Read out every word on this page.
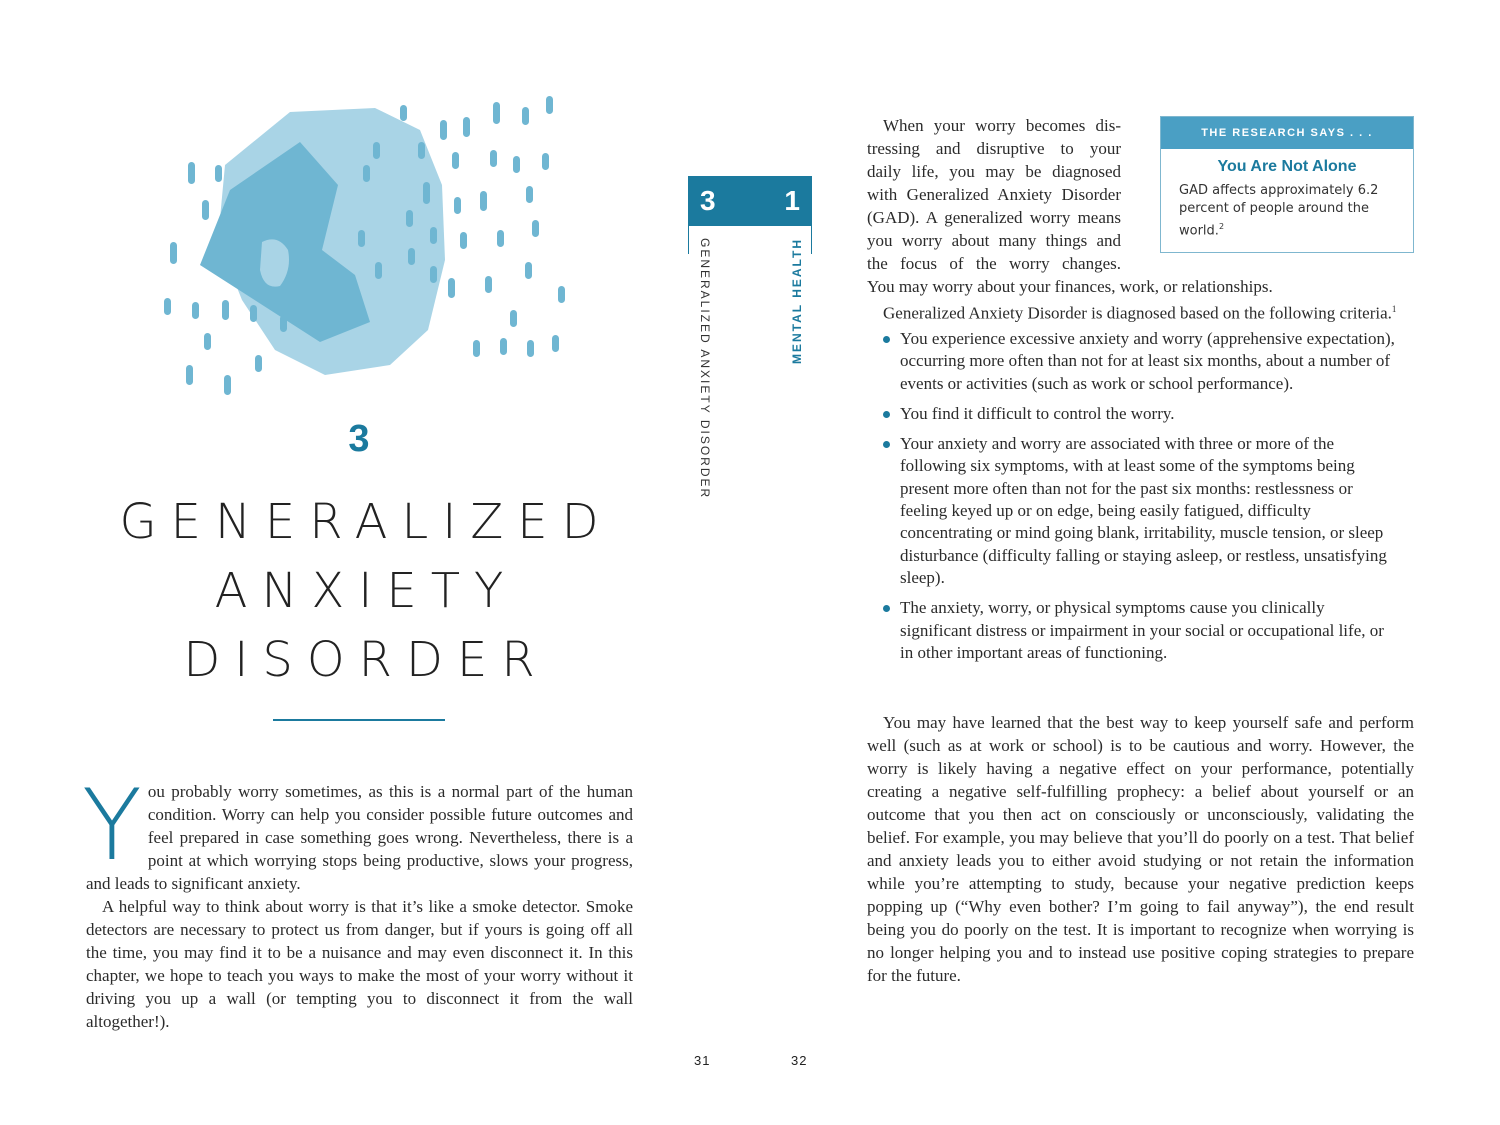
3
GENERALIZED
ANXIETY
DISORDER
Y ou probably worry sometimes, as this is a normal part of the human condition. Worry can help you consider possible future outcomes and feel prepared in case something goes wrong. Nevertheless, there is a point at which worrying stops being productive, slows your progress, and leads to significant anxiety.

A helpful way to think about worry is that it’s like a smoke detector. Smoke detectors are necessary to protect us from danger, but if yours is going off all the time, you may find it to be a nuisance and may even disconnect it. In this chapter, we hope to teach you ways to make the most of your worry without it driving you up a wall (or tempting you to disconnect it from the wall altogether!).

3
GENERALIZED ANXIETY DISORDER
31
1
MENTAL HEALTH
When your worry becomes dis-
tressing and disruptive to your
daily life, you may be diagnosed
with Generalized Anxiety Disorder
(GAD). A generalized worry means
you worry about many things and
the focus of the worry changes.
THE RESEARCH SAYS . . .
You Are Not Alone
GAD affects approximately 6.2 percent of people around the world.$^2$
You may worry about your finances, work, or relationships.
Generalized Anxiety Disorder is diagnosed based on the following criteria.$^1$
You experience excessive anxiety and worry (apprehensive expectation), occurring more often than not for at least six months, about a number of events or activities (such as work or school performance).
You find it difficult to control the worry.
Your anxiety and worry are associated with three or more of the following six symptoms, with at least some of the symptoms being present more often than not for the past six months: restlessness or feeling keyed up or on edge, being easily fatigued, difficulty concentrating or mind going blank, irritability, muscle tension, or sleep disturbance (difficulty falling or staying asleep, or restless, unsatisfying sleep).
The anxiety, worry, or physical symptoms cause you clinically significant distress or impairment in your social or occupational life, or in other important areas of functioning.

You may have learned that the best way to keep yourself safe and perform well (such as at work or school) is to be cautious and worry. However, the worry is likely having a negative effect on your performance, potentially creating a negative self-fulfilling prophecy: a belief about yourself or an outcome that you then act on consciously or unconsciously, validating the belief. For example, you may believe that you’ll do poorly on a test. That belief and anxiety leads you to either avoid studying or not retain the information while you’re attempting to study, because your negative prediction keeps popping up (“Why even bother? I’m going to fail anyway”), the end result being you do poorly on the test. It is important to recognize when worrying is no longer helping you and to instead use positive coping strategies to prepare for the future.

32
